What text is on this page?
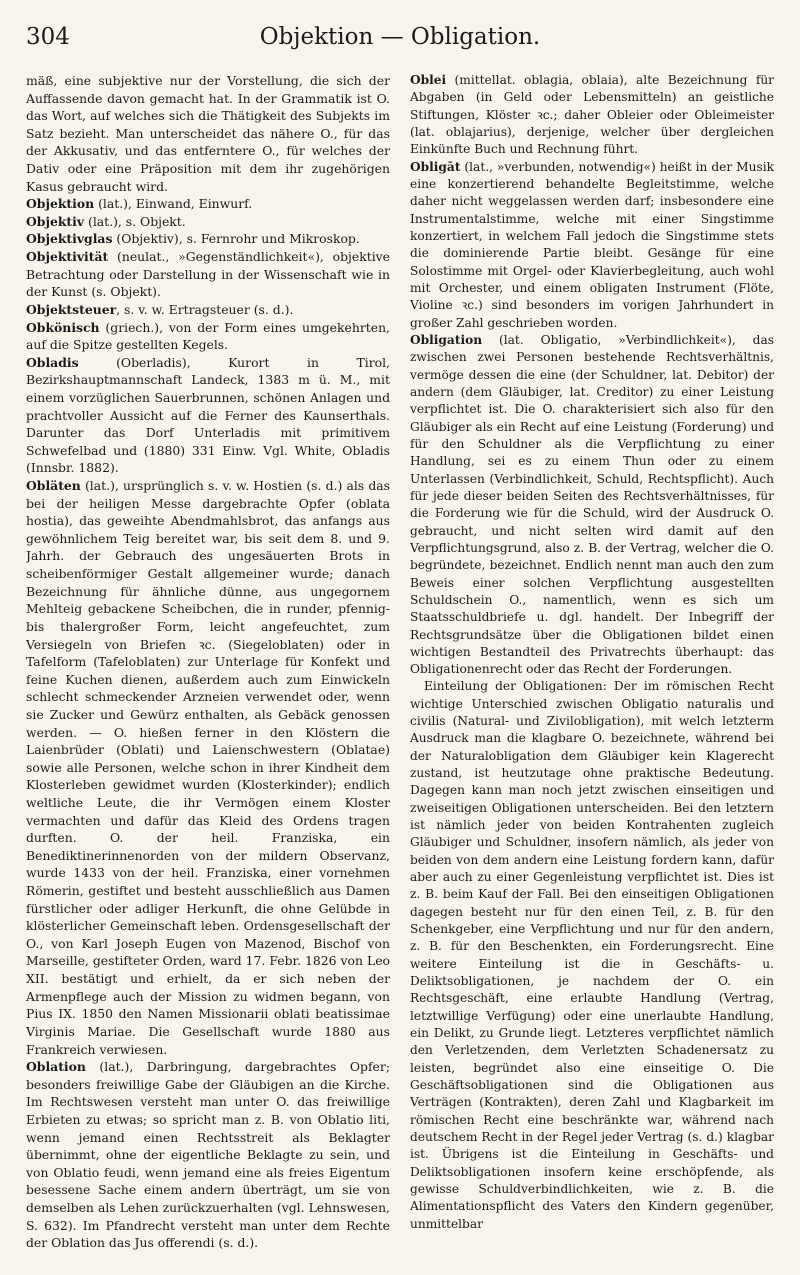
304	Objektion — Obligation.

mäß, eine subjektive nur der Vorstellung, die sich der Auffassende davon gemacht hat. In der Grammatik ist O. das Wort, auf welches sich die Thätigkeit des Subjekts im Satz bezieht. Man unterscheidet das nähere O., für das der Akkusativ, und das entferntere O., für welches der Dativ oder eine Präposition mit dem ihr zugehörigen Kasus gebraucht wird.

Objektion (lat.), Einwand, Einwurf.

Objektiv (lat.), s. Objekt.

Objektivglas (Objektiv), s. Fernrohr und Mikroskop.

Objektivität (neulat., »Gegenständlichkeit«), objektive Betrachtung oder Darstellung in der Wissenschaft wie in der Kunst (s. Objekt).

Objektsteuer, s. v. w. Ertragsteuer (s. d.).

Obkönisch (griech.), von der Form eines umgekehrten, auf die Spitze gestellten Kegels.

Obladis (Oberladis), Kurort in Tirol, Bezirkshauptmannschaft Landeck, 1383 m ü. M., mit einem vorzüglichen Sauerbrunnen, schönen Anlagen und prachtvoller Aussicht auf die Ferner des Kaunserthals. Darunter das Dorf Unterladis mit primitivem Schwefelbad und (1880) 331 Einw. Vgl. White, Obladis (Innsbr. 1882).

Obläten (lat.), ursprünglich s. v. w. Hostien (s. d.) als das bei der heiligen Messe dargebrachte Opfer (oblata hostia), das geweihte Abendmahlsbrot, das anfangs aus gewöhnlichem Teig bereitet war, bis seit dem 8. und 9. Jahrh. der Gebrauch des ungesäuerten Brots in scheibenförmiger Gestalt allgemeiner wurde; danach Bezeichnung für ähnliche dünne, aus ungegornem Mehlteig gebackene Scheibchen, die in runder, pfennig- bis thalergroßer Form, leicht angefeuchtet, zum Versiegeln von Briefen ꝛc. (Siegeloblaten) oder in Tafelform (Tafeloblaten) zur Unterlage für Konfekt und feine Kuchen dienen, außerdem auch zum Einwickeln schlecht schmeckender Arzneien verwendet oder, wenn sie Zucker und Gewürz enthalten, als Gebäck genossen werden. — O. hießen ferner in den Klöstern die Laienbrüder (Oblati) und Laienschwestern (Oblatae) sowie alle Personen, welche schon in ihrer Kindheit dem Klosterleben gewidmet wurden (Klosterkinder); endlich weltliche Leute, die ihr Vermögen einem Kloster vermachten und dafür das Kleid des Ordens tragen durften. O. der heil. Franziska, ein Benediktinerinnenorden von der mildern Observanz, wurde 1433 von der heil. Franziska, einer vornehmen Römerin, gestiftet und besteht ausschließlich aus Damen fürstlicher oder adliger Herkunft, die ohne Gelübde in klösterlicher Gemeinschaft leben. Ordensgesellschaft der O., von Karl Joseph Eugen von Mazenod, Bischof von Marseille, gestifteter Orden, ward 17. Febr. 1826 von Leo XII. bestätigt und erhielt, da er sich neben der Armenpflege auch der Mission zu widmen begann, von Pius IX. 1850 den Namen Missionarii oblati beatissimae Virginis Mariae. Die Gesellschaft wurde 1880 aus Frankreich verwiesen.

Oblation (lat.), Darbringung, dargebrachtes Opfer; besonders freiwillige Gabe der Gläubigen an die Kirche. Im Rechtswesen versteht man unter O. das freiwillige Erbieten zu etwas; so spricht man z. B. von Oblatio liti, wenn jemand einen Rechtsstreit als Beklagter übernimmt, ohne der eigentliche Beklagte zu sein, und von Oblatio feudi, wenn jemand eine als freies Eigentum besessene Sache einem andern überträgt, um sie von demselben als Lehen zurückzuerhalten (vgl. Lehnswesen, S. 632). Im Pfandrecht versteht man unter dem Rechte der Oblation das Jus offerendi (s. d.).

Oblei (mittellat. oblagia, oblaia), alte Bezeichnung für Abgaben (in Geld oder Lebensmitteln) an geistliche Stiftungen, Klöster ꝛc.; daher Obleier oder Obleimeister (lat. oblajarius), derjenige, welcher über dergleichen Einkünfte Buch und Rechnung führt.

Obligāt (lat., »verbunden, notwendig«) heißt in der Musik eine konzertierend behandelte Begleitstimme, welche daher nicht weggelassen werden darf; insbesondere eine Instrumentalstimme, welche mit einer Singstimme konzertiert, in welchem Fall jedoch die Singstimme stets die dominierende Partie bleibt. Gesänge für eine Solostimme mit Orgel- oder Klavierbegleitung, auch wohl mit Orchester, und einem obligaten Instrument (Flöte, Violine ꝛc.) sind besonders im vorigen Jahrhundert in großer Zahl geschrieben worden.

Obligation (lat. Obligatio, »Verbindlichkeit«), das zwischen zwei Personen bestehende Rechtsverhältnis, vermöge dessen die eine (der Schuldner, lat. Debitor) der andern (dem Gläubiger, lat. Creditor) zu einer Leistung verpflichtet ist. Die O. charakterisiert sich also für den Gläubiger als ein Recht auf eine Leistung (Forderung) und für den Schuldner als die Verpflichtung zu einer Handlung, sei es zu einem Thun oder zu einem Unterlassen (Verbindlichkeit, Schuld, Rechtspflicht). Auch für jede dieser beiden Seiten des Rechtsverhältnisses, für die Forderung wie für die Schuld, wird der Ausdruck O. gebraucht, und nicht selten wird damit auf den Verpflichtungsgrund, also z. B. der Vertrag, welcher die O. begründete, bezeichnet. Endlich nennt man auch den zum Beweis einer solchen Verpflichtung ausgestellten Schuldschein O., namentlich, wenn es sich um Staatsschuldbriefe u. dgl. handelt. Der Inbegriff der Rechtsgrundsätze über die Obligationen bildet einen wichtigen Bestandteil des Privatrechts überhaupt: das Obligationenrecht oder das Recht der Forderungen.

Einteilung der Obligationen: Der im römischen Recht wichtige Unterschied zwischen Obligatio naturalis und civilis (Natural- und Zivilobligation), mit welch letzterm Ausdruck man die klagbare O. bezeichnete, während bei der Naturalobligation dem Gläubiger kein Klagerecht zustand, ist heutzutage ohne praktische Bedeutung. Dagegen kann man noch jetzt zwischen einseitigen und zweiseitigen Obligationen unterscheiden. Bei den letztern ist nämlich jeder von beiden Kontrahenten zugleich Gläubiger und Schuldner, insofern nämlich, als jeder von beiden von dem andern eine Leistung fordern kann, dafür aber auch zu einer Gegenleistung verpflichtet ist. Dies ist z. B. beim Kauf der Fall. Bei den einseitigen Obligationen dagegen besteht nur für den einen Teil, z. B. für den Schenkgeber, eine Verpflichtung und nur für den andern, z. B. für den Beschenkten, ein Forderungsrecht. Eine weitere Einteilung ist die in Geschäfts- u. Deliktsobligationen, je nachdem der O. ein Rechtsgeschäft, eine erlaubte Handlung (Vertrag, letztwillige Verfügung) oder eine unerlaubte Handlung, ein Delikt, zu Grunde liegt. Letzteres verpflichtet nämlich den Verletzenden, dem Verletzten Schadenersatz zu leisten, begründet also eine einseitige O. Die Geschäftsobligationen sind die Obligationen aus Verträgen (Kontrakten), deren Zahl und Klagbarkeit im römischen Recht eine beschränkte war, während nach deutschem Recht in der Regel jeder Vertrag (s. d.) klagbar ist. Übrigens ist die Einteilung in Geschäfts- und Deliktsobligationen insofern keine erschöpfende, als gewisse Schuldverbindlichkeiten, wie z. B. die Alimentationspflicht des Vaters den Kindern gegenüber, unmittelbar
